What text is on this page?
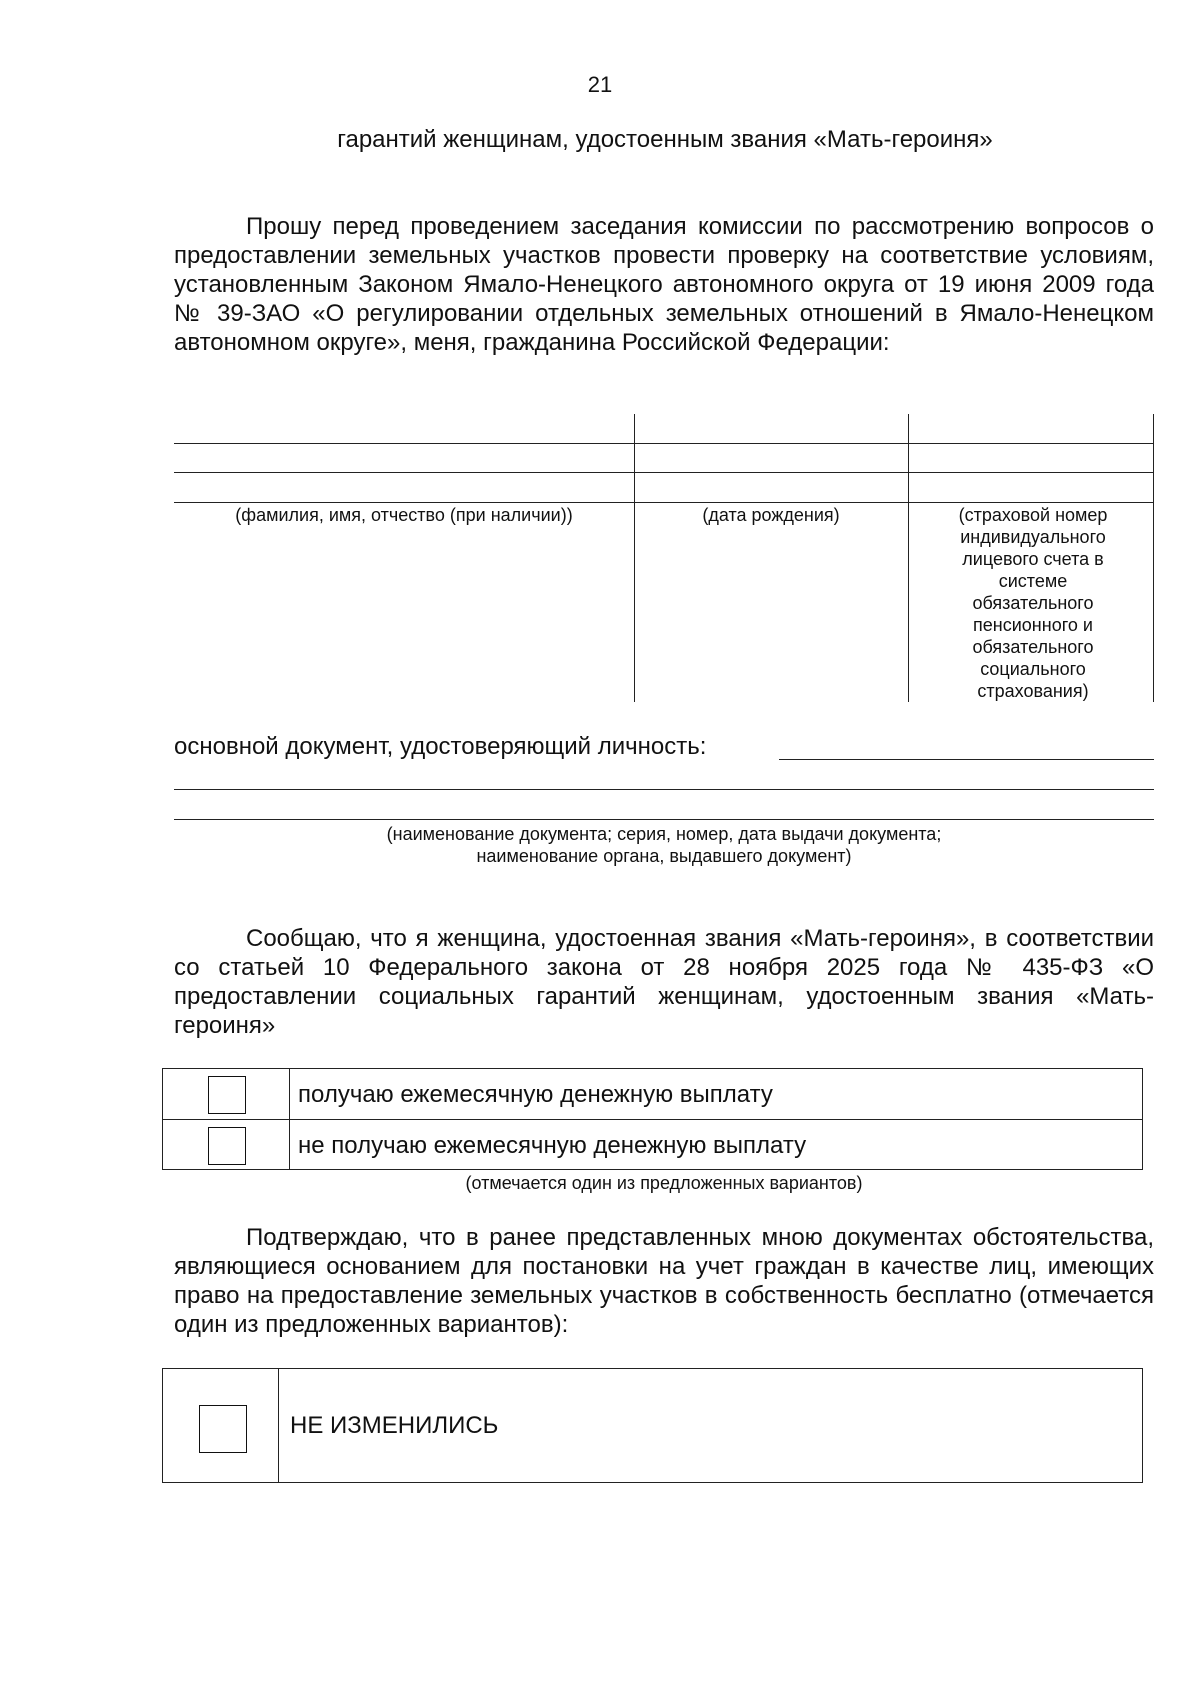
21
гарантий женщинам, удостоенным звания «Мать-героиня»
Прошу перед проведением заседания комиссии по рассмотрению вопросов о предоставлении земельных участков провести проверку на соответствие условиям, установленным Законом Ямало-Ненецкого автономного округа от 19 июня 2009 года № 39-ЗАО «О регулировании отдельных земельных отношений в Ямало-Ненецком автономном округе», меня, гражданина Российской Федерации:
(фамилия, имя, отчество (при наличии))	(дата рождения)	(страховой номер индивидуального лицевого счета в системе обязательного пенсионного и обязательного социального страхования)
основной документ, удостоверяющий личность:
(наименование документа; серия, номер, дата выдачи документа;
наименование органа, выдавшего документ)
Сообщаю, что я женщина, удостоенная звания «Мать-героиня», в соответствии со статьей 10 Федерального закона от 28 ноября 2025 года № 435-ФЗ «О предоставлении социальных гарантий женщинам, удостоенным звания «Мать-героиня»
получаю ежемесячную денежную выплату
не получаю ежемесячную денежную выплату
(отмечается один из предложенных вариантов)
Подтверждаю, что в ранее представленных мною документах обстоятельства, являющиеся основанием для постановки на учет граждан в качестве лиц, имеющих право на предоставление земельных участков в собственность бесплатно (отмечается один из предложенных вариантов):
НЕ ИЗМЕНИЛИСЬ
